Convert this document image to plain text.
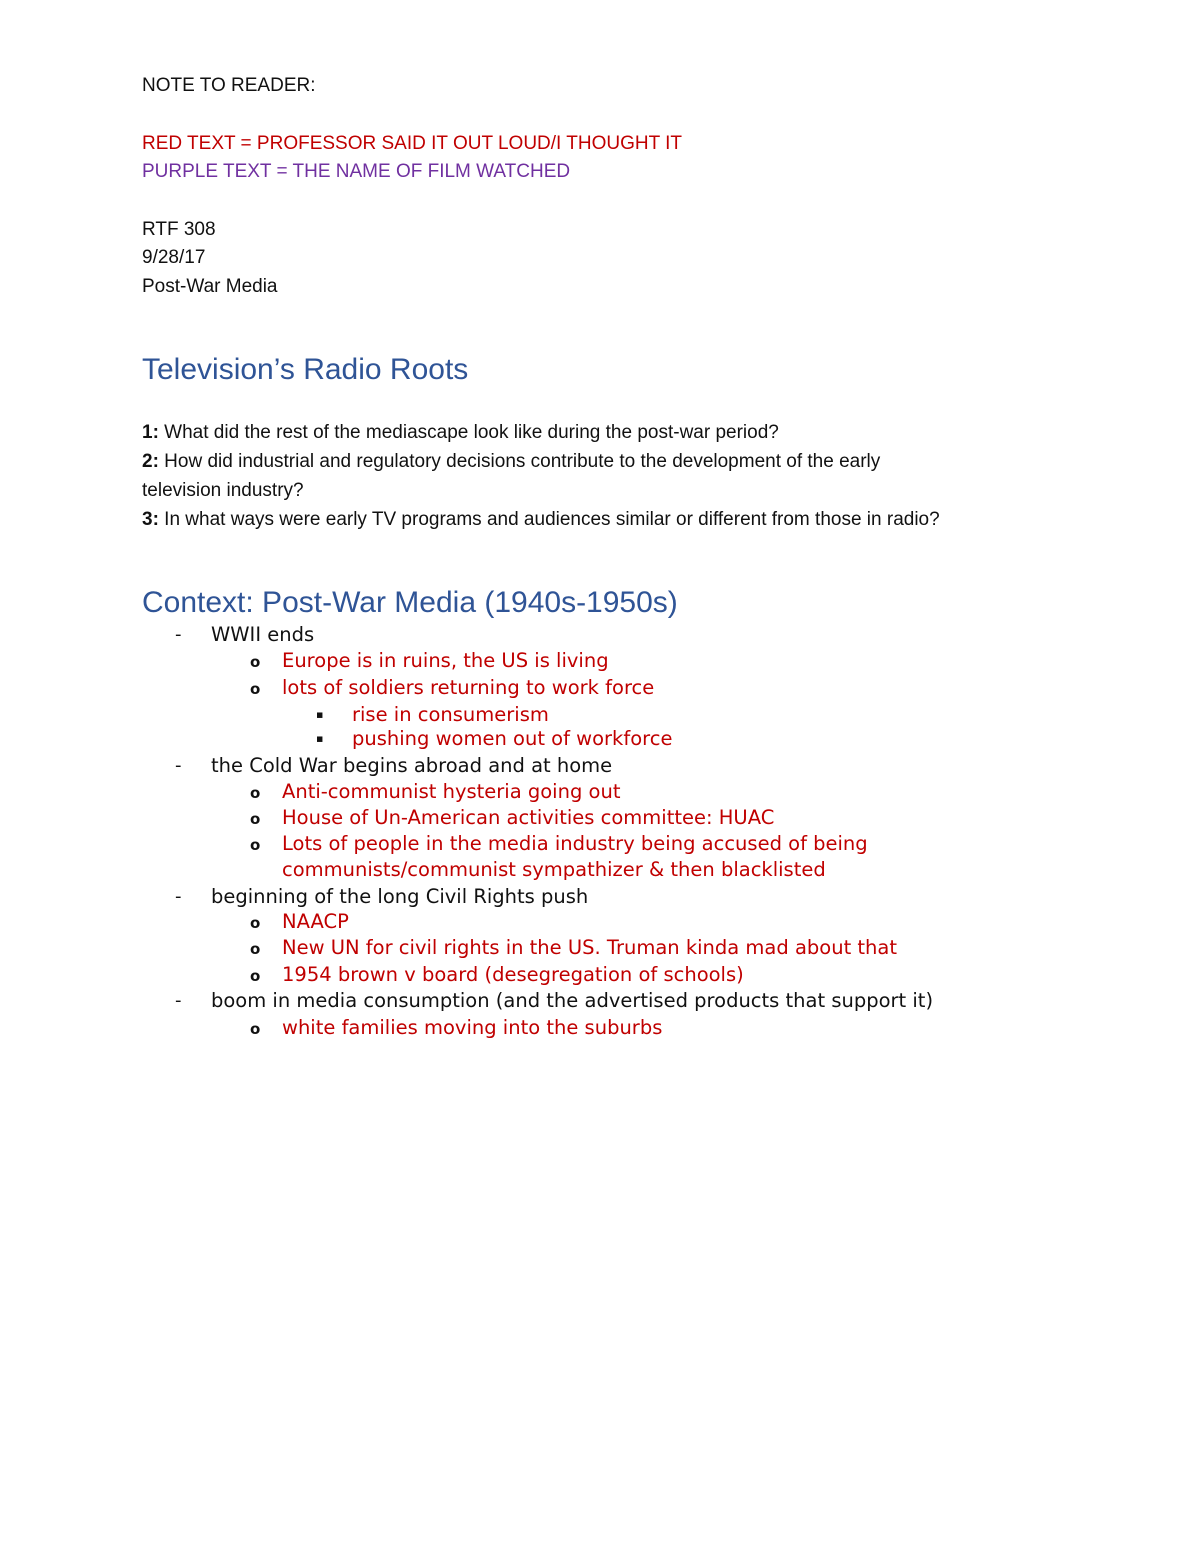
NOTE TO READER:
RED TEXT = PROFESSOR SAID IT OUT LOUD/I THOUGHT IT
PURPLE TEXT = THE NAME OF FILM WATCHED
RTF 308
9/28/17
Post-War Media
Television’s Radio Roots
1: What did the rest of the mediascape look like during the post-war period?
2: How did industrial and regulatory decisions contribute to the development of the early
television industry?
3: In what ways were early TV programs and audiences similar or different from those in radio?
Context: Post-War Media (1940s-1950s)
- WWII ends
o Europe is in ruins, the US is living
o lots of soldiers returning to work force
▪ rise in consumerism
▪ pushing women out of workforce
- the Cold War begins abroad and at home
o Anti-communist hysteria going out
o House of Un-American activities committee: HUAC
o Lots of people in the media industry being accused of being
communists/communist sympathizer & then blacklisted
- beginning of the long Civil Rights push
o NAACP
o New UN for civil rights in the US. Truman kinda mad about that
o 1954 brown v board (desegregation of schools)
- boom in media consumption (and the advertised products that support it)
o white families moving into the suburbs
